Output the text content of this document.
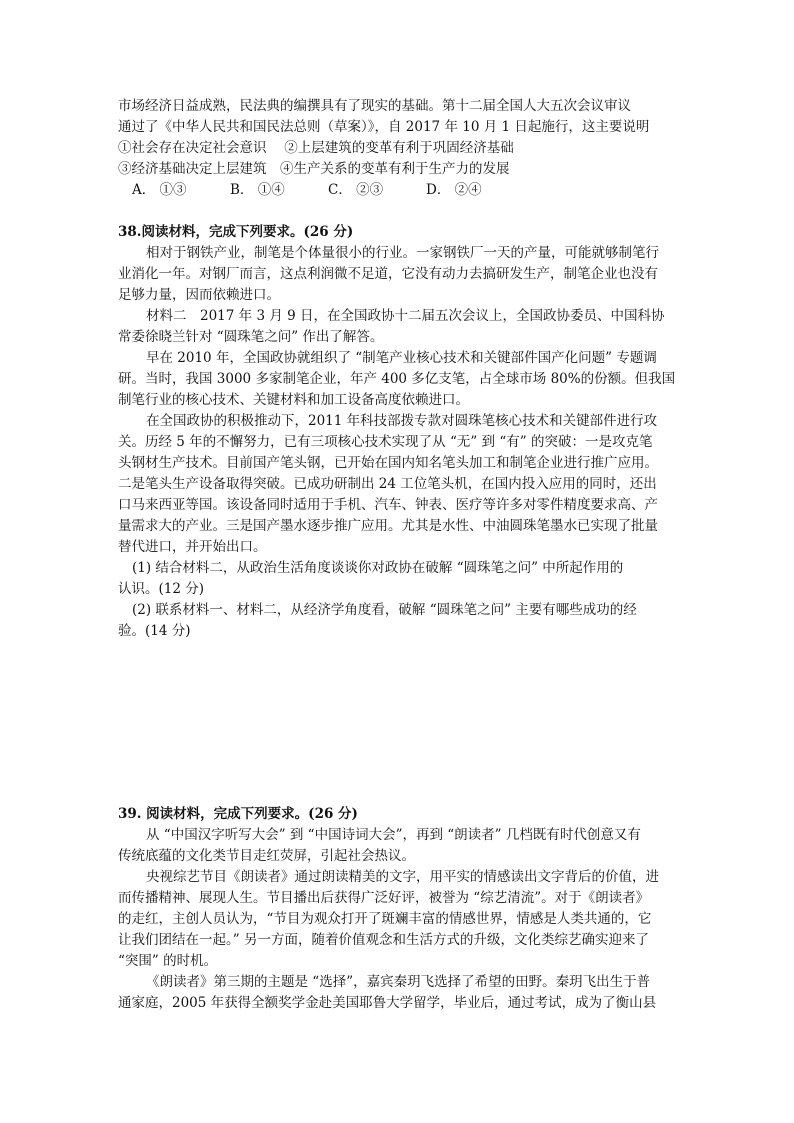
市场经济日益成熟，民法典的编撰具有了现实的基础。第十二届全国人大五次会议审议
通过了《中华人民共和国民法总则（草案）》，自 2017 年 10 月 1 日起施行，这主要说明
①社会存在决定社会意识　 ②上层建筑的变革有利于巩固经济基础
③经济基础决定上层建筑　④生产关系的变革有利于生产力的发展
A． ①③	B． ①④	C． ②③	D． ②④
38.阅读材料，完成下列要求。(26 分)
相对于钢铁产业，制笔是个体量很小的行业。一家钢铁厂一天的产量，可能就够制笔行
业消化一年。对钢厂而言，这点利润微不足道，它没有动力去搞研发生产，制笔企业也没有
足够力量，因而依赖进口。
材料二　2017 年 3 月 9 日，在全国政协十二届五次会议上，全国政协委员、中国科协
常委徐晓兰针对 “圆珠笔之问” 作出了解答。
早在 2010 年，全国政协就组织了 “制笔产业核心技术和关键部件国产化问题” 专题调
研。当时，我国 3000 多家制笔企业，年产 400 多亿支笔，占全球市场 80%的份额。但我国
制笔行业的核心技术、关键材料和加工设备高度依赖进口。
在全国政协的积极推动下，2011 年科技部拨专款对圆珠笔核心技术和关键部件进行攻
关。历经 5 年的不懈努力，已有三项核心技术实现了从 “无” 到 “有” 的突破：一是攻克笔
头钢材生产技术。目前国产笔头钢，已开始在国内知名笔头加工和制笔企业进行推广应用。
二是笔头生产设备取得突破。已成功研制出 24 工位笔头机，在国内投入应用的同时，还出
口马来西亚等国。该设备同时适用于手机、汽车、钟表、医疗等许多对零件精度要求高、产
量需求大的产业。三是国产墨水逐步推广应用。尤其是水性、中油圆珠笔墨水已实现了批量
替代进口，并开始出口。
(1) 结合材料二，从政治生活角度谈谈你对政协在破解 “圆珠笔之问” 中所起作用的
认识。(12 分)
(2) 联系材料一、材料二，从经济学角度看，破解 “圆珠笔之问” 主要有哪些成功的经
验。(14 分)
39. 阅读材料，完成下列要求。(26 分)
从 “中国汉字听写大会” 到 “中国诗词大会”，再到 “朗读者” 几档既有时代创意又有
传统底蕴的文化类节目走红荧屏，引起社会热议。
央视综艺节目《朗读者》通过朗读精美的文字，用平实的情感读出文字背后的价值，进
而传播精神、展现人生。节目播出后获得广泛好评，被誉为 “综艺清流”。对于《朗读者》
的走红，主创人员认为，“节目为观众打开了斑斓丰富的情感世界，情感是人类共通的，它
让我们团结在一起。” 另一方面，随着价值观念和生活方式的升级，文化类综艺确实迎来了
“突围” 的时机。
《朗读者》第三期的主题是 “选择”，嘉宾秦玥飞选择了希望的田野。秦玥飞出生于普
通家庭，2005 年获得全额奖学金赴美国耶鲁大学留学，毕业后，通过考试，成为了衡山县
